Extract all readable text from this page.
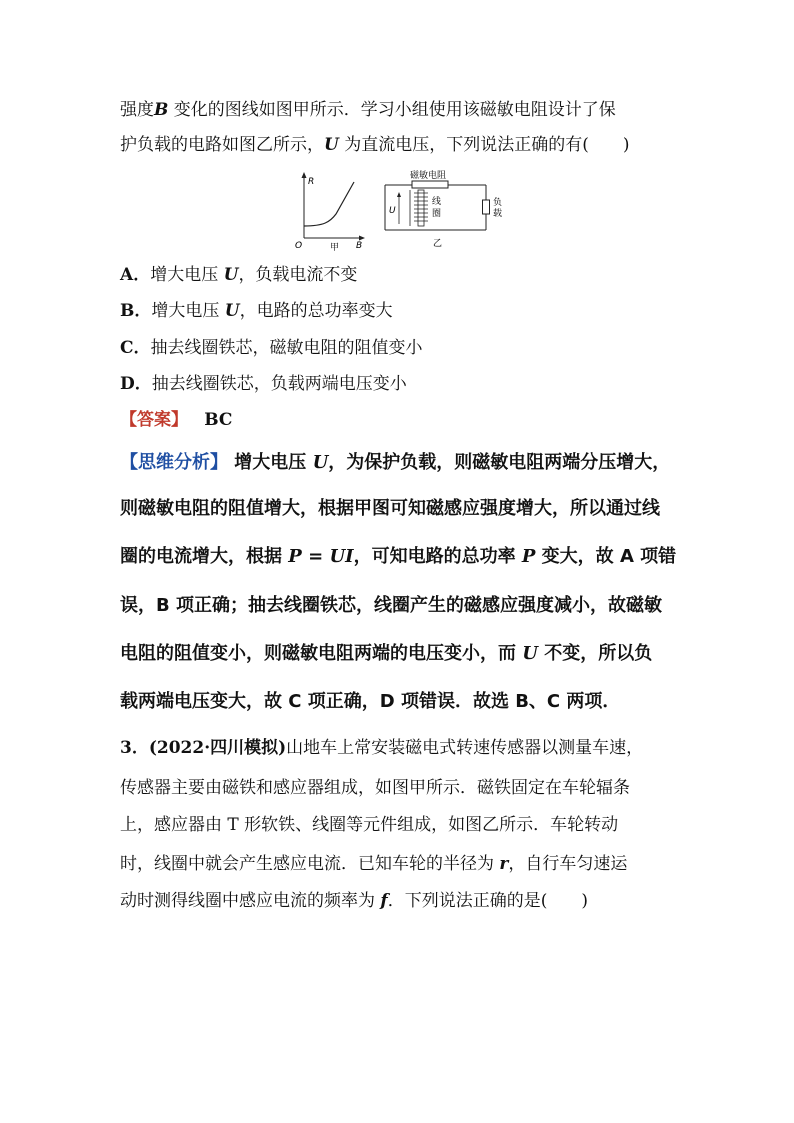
强度B 变化的图线如图甲所示．学习小组使用该磁敏电阻设计了保
护负载的电路如图乙所示，U 为直流电压，下列说法正确的有(　　)
R
O	B
甲
磁敏电阻
U
线
圈
负
载
乙
A．增大电压 U，负载电流不变
B．增大电压 U，电路的总功率变大
C．抽去线圈铁芯，磁敏电阻的阻值变小
D．抽去线圈铁芯，负载两端电压变小
【答案】 BC
【思维分析】 增大电压 U，为保护负载，则磁敏电阻两端分压增大，
则磁敏电阻的阻值增大，根据甲图可知磁感应强度增大，所以通过线
圈的电流增大，根据 P = UI，可知电路的总功率 P 变大，故 A 项错
误，B 项正确；抽去线圈铁芯，线圈产生的磁感应强度减小，故磁敏
电阻的阻值变小，则磁敏电阻两端的电压变小，而 U 不变，所以负
载两端电压变大，故 C 项正确，D 项错误．故选 B、C 两项．
3．(2022·四川模拟)山地车上常安装磁电式转速传感器以测量车速，
传感器主要由磁铁和感应器组成，如图甲所示．磁铁固定在车轮辐条
上，感应器由 T 形软铁、线圈等元件组成，如图乙所示．车轮转动
时，线圈中就会产生感应电流．已知车轮的半径为 r，自行车匀速运
动时测得线圈中感应电流的频率为 f．下列说法正确的是(　　)
